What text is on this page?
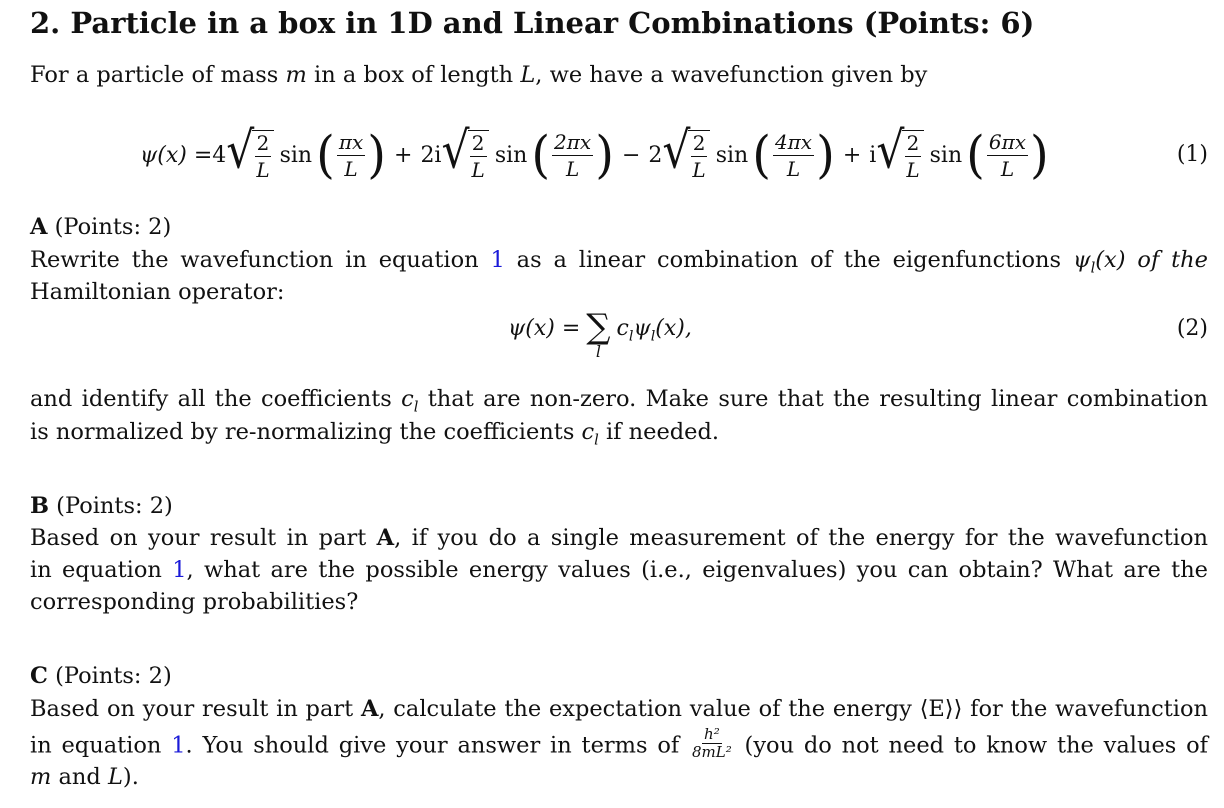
2. Particle in a box in 1D and Linear Combinations (Points: 6)
For a particle of mass m in a box of length L, we have a wavefunction given by
ψ(x) = 4 √ $\frac{2}{L}$ sin ( $\frac{\pi x}{L}$ ) + 2i √ $\frac{2}{L}$ sin ( $\frac{2\pi x}{L}$ ) − 2 √ $\frac{2}{L}$ sin ( $\frac{4\pi x}{L}$ ) + i √ $\frac{2}{L}$ sin ( $\frac{6\pi x}{L}$ )	(1)
A (Points: 2)
Rewrite the wavefunction in equation 1 as a linear combination of the eigenfunctions $\psi_l(x)$ of the
Hamiltonian operator:
ψ(x) = ∑
l
$c_l\psi_l(x)$,	(2)
and identify all the coefficients $c_l$ that are non-zero. Make sure that the resulting linear combination
is normalized by re-normalizing the coefficients $c_l$ if needed.
B (Points: 2)
Based on your result in part A, if you do a single measurement of the energy for the wavefunction
in equation 1, what are the possible energy values (i.e., eigenvalues) you can obtain? What are the
corresponding probabilities?
C (Points: 2)
Based on your result in part A, calculate the expectation value of the energy ⟨E⟩⟩ for the wavefunction
in equation 1. You should give your answer in terms of $\frac{\text{h²}}{\text{8mL²}} (you$ do not need to know the values of
m and L).
